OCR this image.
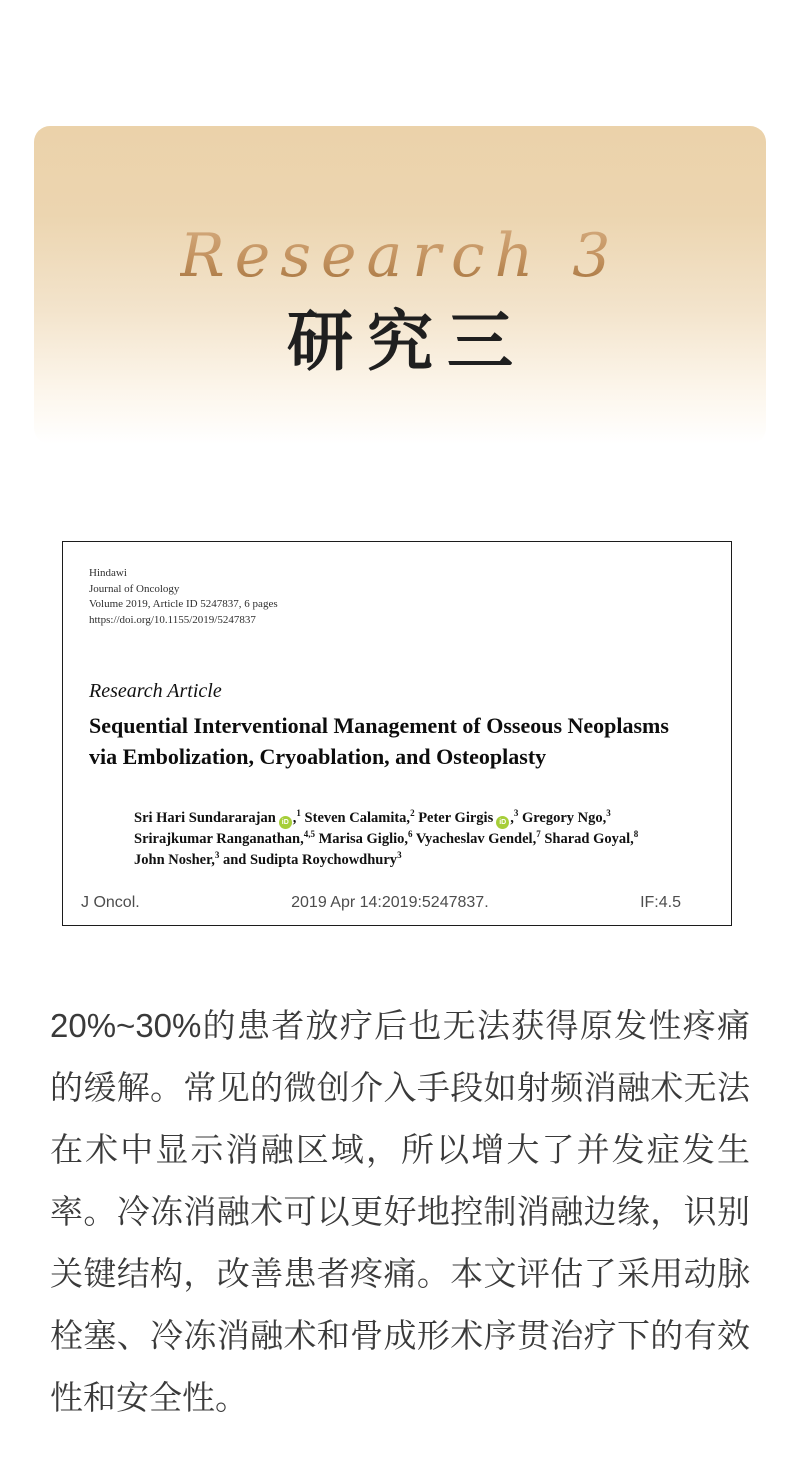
Research 3
研究三
Hindawi
Journal of Oncology
Volume 2019, Article ID 5247837, 6 pages
https://doi.org/10.1155/2019/5247837
Research Article
Sequential Interventional Management of Osseous Neoplasms
via Embolization, Cryoablation, and Osteoplasty
Sri Hari Sundararajan iD ,$^1$ Steven Calamita,$^2$ Peter Girgis iD ,$^3$ Gregory Ngo,$^3$
Srirajkumar Ranganathan,$^{4,5}$ Marisa Giglio,$^6$ Vyacheslav Gendel,$^7$ Sharad Goyal,$^8$
John Nosher,$^3$ and Sudipta Roychowdhury$^3$
J Oncol.	2019 Apr 14:2019:5247837.	IF:4.5
20%~30%的患者放疗后也无法获得原发性疼痛
的缓解。常见的微创介入手段如射频消融术无法
在术中显示消融区域，所以增大了并发症发生
率。冷冻消融术可以更好地控制消融边缘，识别
关键结构，改善患者疼痛。本文评估了采用动脉
栓塞、冷冻消融术和骨成形术序贯治疗下的有效
性和安全性。
